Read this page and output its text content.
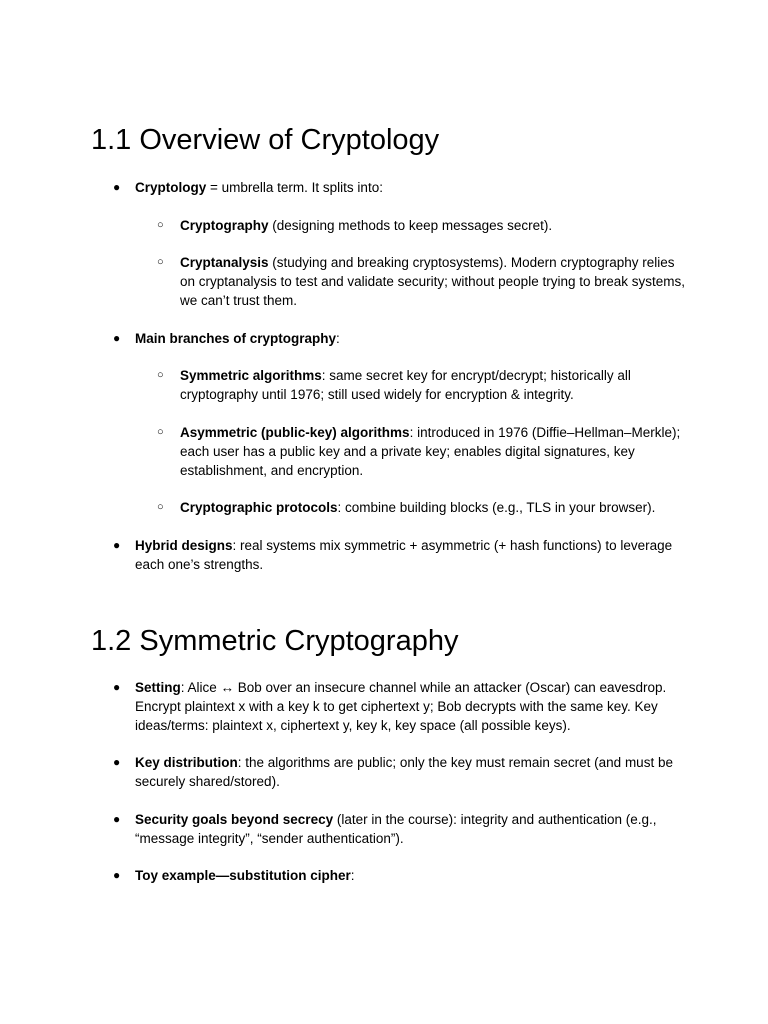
1.1 Overview of Cryptology
● Cryptology = umbrella term. It splits into:
○ Cryptography (designing methods to keep messages secret).
○ Cryptanalysis (studying and breaking cryptosystems). Modern cryptography relies on cryptanalysis to test and validate security; without people trying to break systems, we can’t trust them.
● Main branches of cryptography:
○ Symmetric algorithms: same secret key for encrypt/decrypt; historically all cryptography until 1976; still used widely for encryption & integrity.
○ Asymmetric (public-key) algorithms: introduced in 1976 (Diffie–Hellman–Merkle); each user has a public key and a private key; enables digital signatures, key establishment, and encryption.
○ Cryptographic protocols: combine building blocks (e.g., TLS in your browser).
● Hybrid designs: real systems mix symmetric + asymmetric (+ hash functions) to leverage each one’s strengths.
1.2 Symmetric Cryptography
● Setting: Alice ↔ Bob over an insecure channel while an attacker (Oscar) can eavesdrop. Encrypt plaintext x with a key k to get ciphertext y; Bob decrypts with the same key. Key ideas/terms: plaintext x, ciphertext y, key k, key space (all possible keys).
● Key distribution: the algorithms are public; only the key must remain secret (and must be securely shared/stored).
● Security goals beyond secrecy (later in the course): integrity and authentication (e.g., “message integrity”, “sender authentication”).
● Toy example—substitution cipher:
